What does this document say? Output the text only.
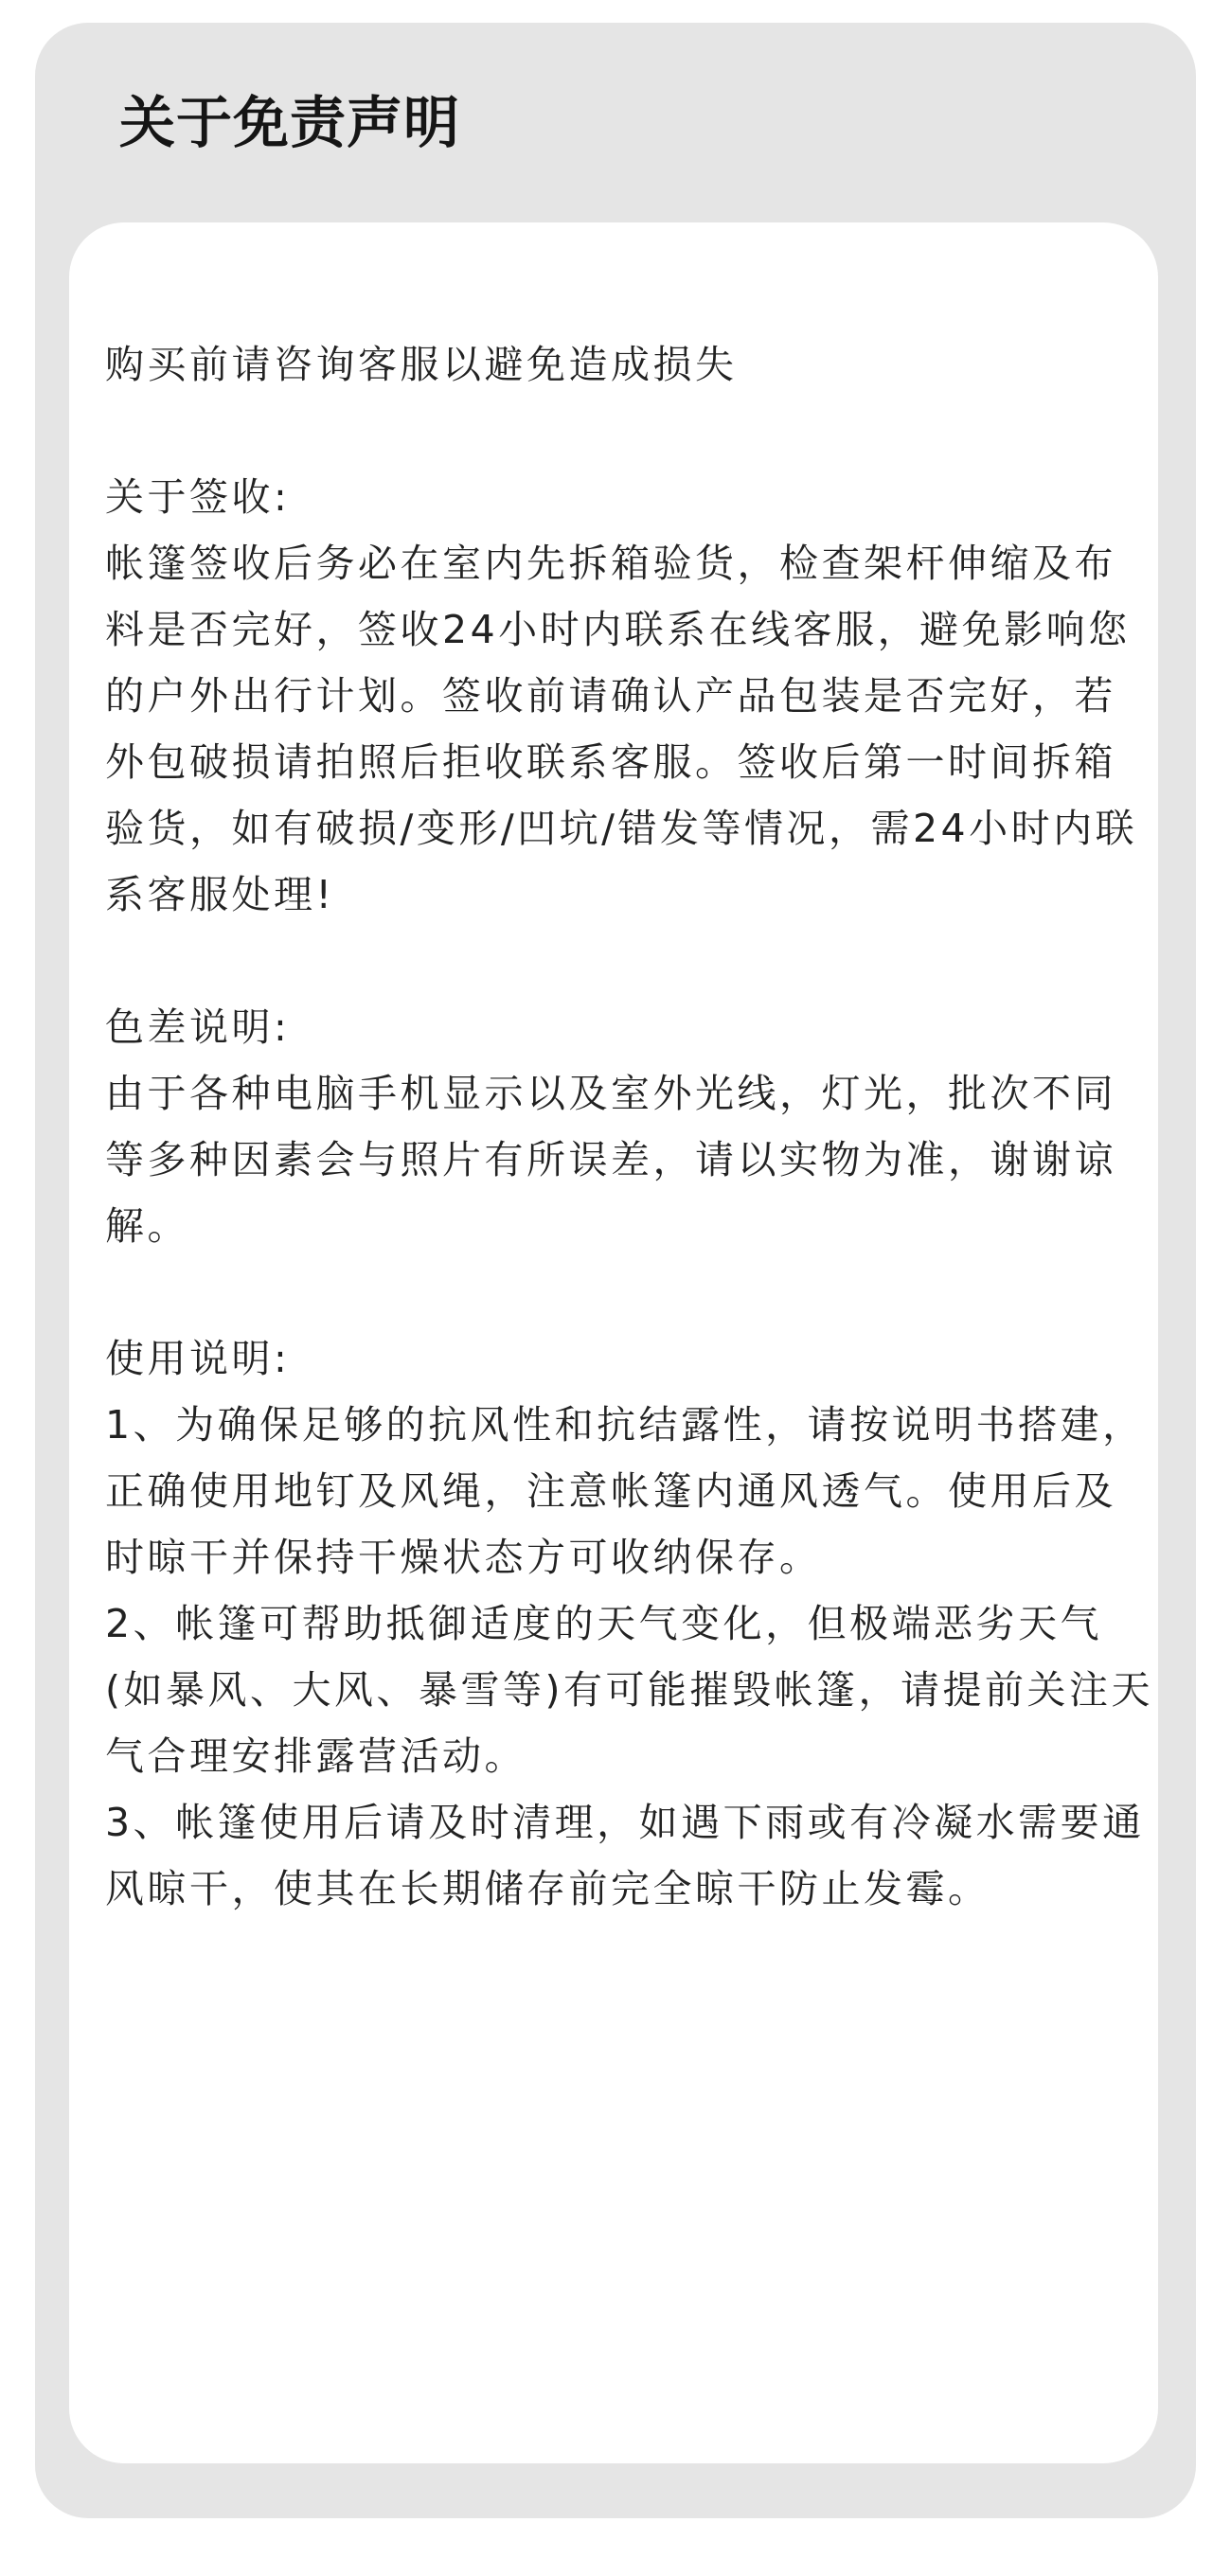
关于免责声明

购买前请咨询客服以避免造成损失

关于签收:

帐篷签收后务必在室内先拆箱验货，检查架杆伸缩及布料是否完好，签收24小时内联系在线客服，避免影响您的户外出行计划。签收前请确认产品包装是否完好，若外包破损请拍照后拒收联系客服。签收后第一时间拆箱验货，如有破损/变形/凹坑/错发等情况，需24小时内联系客服处理!

色差说明:

由于各种电脑手机显示以及室外光线，灯光，批次不同等多种因素会与照片有所误差，请以实物为准，谢谢谅解。

使用说明:

1、为确保足够的抗风性和抗结露性，请按说明书搭建，正确使用地钉及风绳，注意帐篷内通风透气。使用后及时晾干并保持干燥状态方可收纳保存。

2、帐篷可帮助抵御适度的天气变化，但极端恶劣天气(如暴风、大风、暴雪等)有可能摧毁帐篷，请提前关注天气合理安排露营活动。

3、帐篷使用后请及时清理，如遇下雨或有冷凝水需要通风晾干，使其在长期储存前完全晾干防止发霉。
